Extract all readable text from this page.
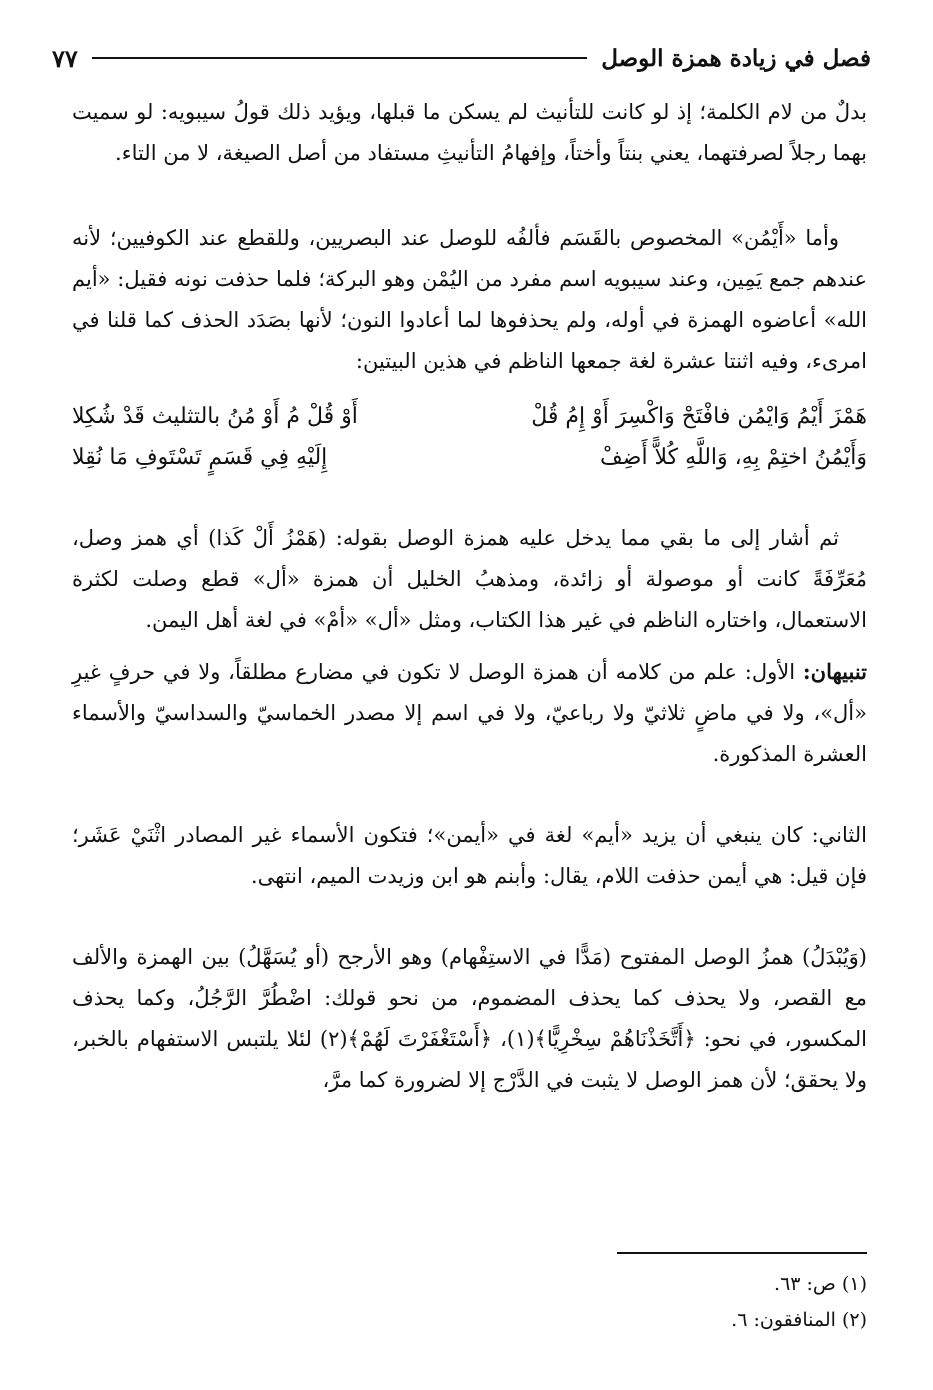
فصل في زيادة همزة الوصل
٧٧

بدلٌ من لام الكلمة؛ إذ لو كانت للتأنيث لم يسكن ما قبلها، ويؤيد ذلك قولُ سيبويه: لو سميت بهما رجلاً لصرفتهما، يعني بنتاً وأختاً، وإفهامُ التأنيثِ مستفاد من أصل الصيغة، لا من التاء.

وأما «أَيْمُن» المخصوص بالقَسَم فألفُه للوصل عند البصريين، وللقطع عند الكوفيين؛ لأنه عندهم جمع يَمِين، وعند سيبويه اسم مفرد من اليُمْن وهو البركة؛ فلما حذفت نونه فقيل: «أيم الله» أعاضوه الهمزة في أوله، ولم يحذفوها لما أعادوا النون؛ لأنها بصَدَد الحذف كما قلنا في امرىء، وفيه اثنتا عشرة لغة جمعها الناظم في هذين البيتين:

هَمْزَ أَيْمُ وَايْمُن فافْتَحْ وَاكْسِرَ أَوْ إِمُ قُلْ
أَوْ قُلْ مُ أَوْ مُنُ بالتثليث قَدْ شُكِلا
وَأَيْمُنُ اختِمْ بِهِ، وَاللَّهِ كُلاًّ أَضِفْ
إِلَيْهِ فِي قَسَمٍ تَسْتَوفِ مَا نُقِلا

ثم أشار إلى ما بقي مما يدخل عليه همزة الوصل بقوله: (هَمْزُ أَلْ كَذا) أي همز وصل، مُعَرِّفَةً كانت أو موصولة أو زائدة، ومذهبُ الخليل أن همزة «أل» قطع وصلت لكثرة الاستعمال، واختاره الناظم في غير هذا الكتاب، ومثل «أل» «أمْ» في لغة أهل اليمن.

تنبيهان: الأول: علم من كلامه أن همزة الوصل لا تكون في مضارع مطلقاً، ولا في حرفٍ غيرِ «أل»، ولا في ماضٍ ثلاثيّ ولا رباعيّ، ولا في اسم إلا مصدر الخماسيّ والسداسيّ والأسماء العشرة المذكورة.

الثاني: كان ينبغي أن يزيد «أيم» لغة في «أيمن»؛ فتكون الأسماء غير المصادر اثْنَيْ عَشَر؛ فإن قيل: هي أيمن حذفت اللام، يقال: وأبنم هو ابن وزيدت الميم، انتهى.

(وَيُبْدَلُ) همزُ الوصل المفتوح (مَدًّا في الاستِفْهام) وهو الأرجح (أو يُسَهَّلُ) بين الهمزة والألف مع القصر، ولا يحذف كما يحذف المضموم، من نحو قولك: اضْطُرَّ الرَّجُلُ، وكما يحذف المكسور، في نحو: ﴿أَتَّخَذْنَاهُمْ سِخْرِيًّا﴾(١)، ﴿أَسْتَغْفَرْتَ لَهُمْ﴾(٢) لئلا يلتبس الاستفهام بالخبر، ولا يحقق؛ لأن همز الوصل لا يثبت في الدَّرْج إلا لضرورة كما مرَّ،

(١) ص: ٦٣.
(٢) المنافقون: ٦.
